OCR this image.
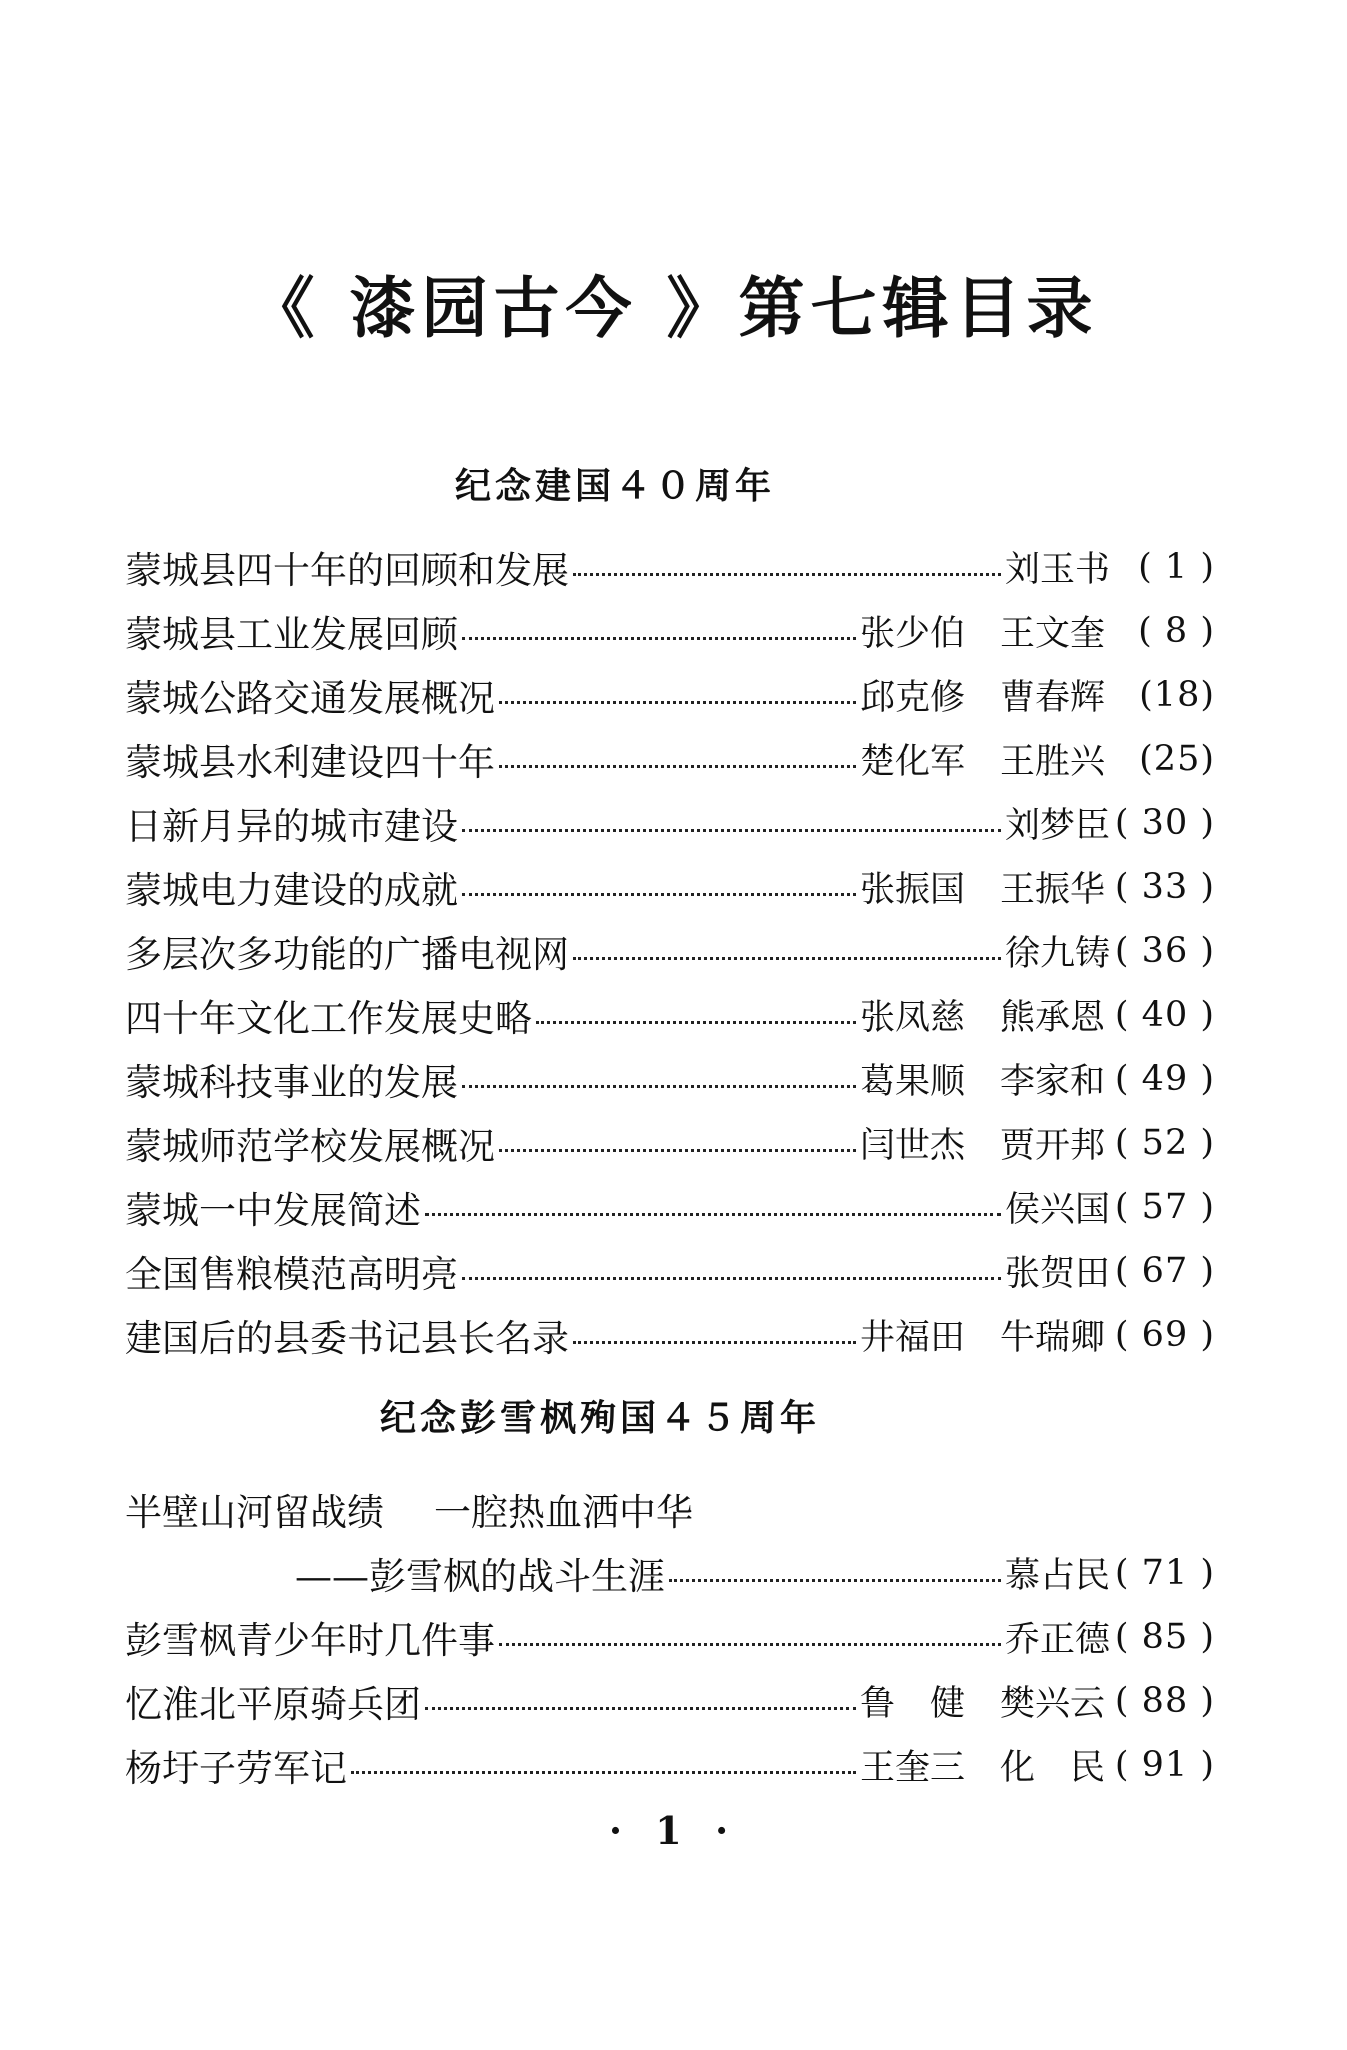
《 漆园古今 》第七辑目录
纪念建国４０周年
蒙城县四十年的回顾和发展	刘玉书 ( 1 )
蒙城县工业发展回顾	张少伯 王文奎 ( 8 )
蒙城公路交通发展概况	邱克修 曹春辉 (18)
蒙城县水利建设四十年	楚化军 王胜兴 (25)
日新月异的城市建设	刘梦臣 ( 30 )
蒙城电力建设的成就	张振国 王振华 ( 33 )
多层次多功能的广播电视网	徐九铸 ( 36 )
四十年文化工作发展史略	张凤慈 熊承恩 ( 40 )
蒙城科技事业的发展	葛果顺 李家和 ( 49 )
蒙城师范学校发展概况	闫世杰 贾开邦 ( 52 )
蒙城一中发展简述	侯兴国 ( 57 )
全国售粮模范高明亮	张贺田 ( 67 )
建国后的县委书记县长名录	井福田 牛瑞卿 ( 69 )
纪念彭雪枫殉国４５周年
半壁山河留战绩 一腔热血洒中华
——彭雪枫的战斗生涯	慕占民 ( 71 )
彭雪枫青少年时几件事	乔正德 ( 85 )
忆淮北平原骑兵团	鲁　健 樊兴云 ( 88 )
杨圩子劳军记	王奎三 化　民 ( 91 )
· 1 ·
